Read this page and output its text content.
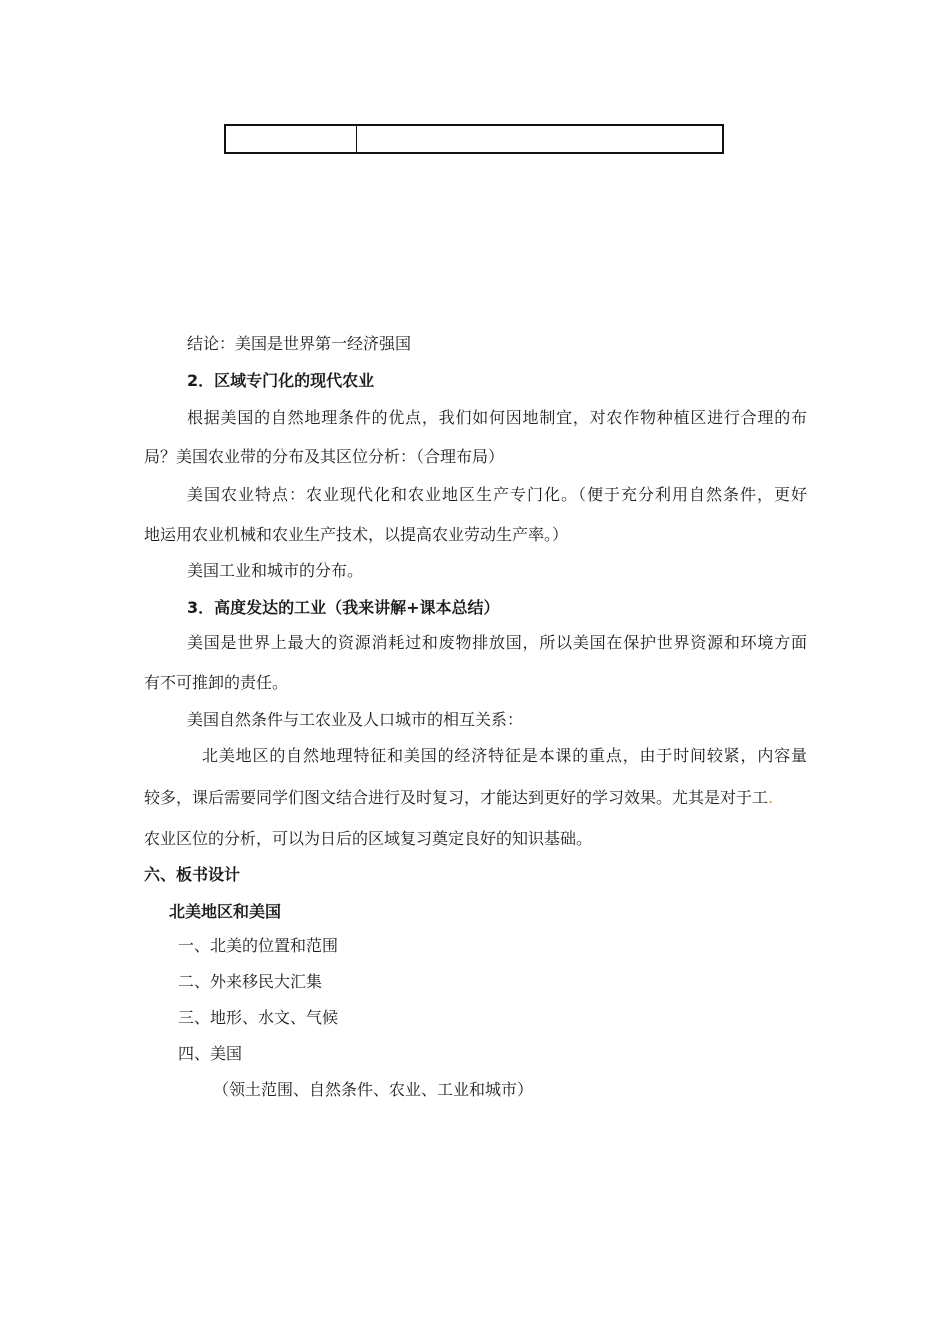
结论：美国是世界第一经济强国
2．区域专门化的现代农业
根据美国的自然地理条件的优点，我们如何因地制宜，对农作物种植区进行合理的布
局？美国农业带的分布及其区位分析：（合理布局）
美国农业特点：农业现代化和农业地区生产专门化。（便于充分利用自然条件，更好
地运用农业机械和农业生产技术，以提高农业劳动生产率。）
美国工业和城市的分布。
3．高度发达的工业（我来讲解+课本总结）
美国是世界上最大的资源消耗过和废物排放国，所以美国在保护世界资源和环境方面
有不可推卸的责任。
美国自然条件与工农业及人口城市的相互关系：
北美地区的自然地理特征和美国的经济特征是本课的重点，由于时间较紧，内容量
较多，课后需要同学们图文结合进行及时复习，才能达到更好的学习效果。尤其是对于工.
农业区位的分析，可以为日后的区域复习奠定良好的知识基础。
六、板书设计
北美地区和美国
一、北美的位置和范围
二、外来移民大汇集
三、地形、水文、气候
四、美国
（领土范围、自然条件、农业、工业和城市）
